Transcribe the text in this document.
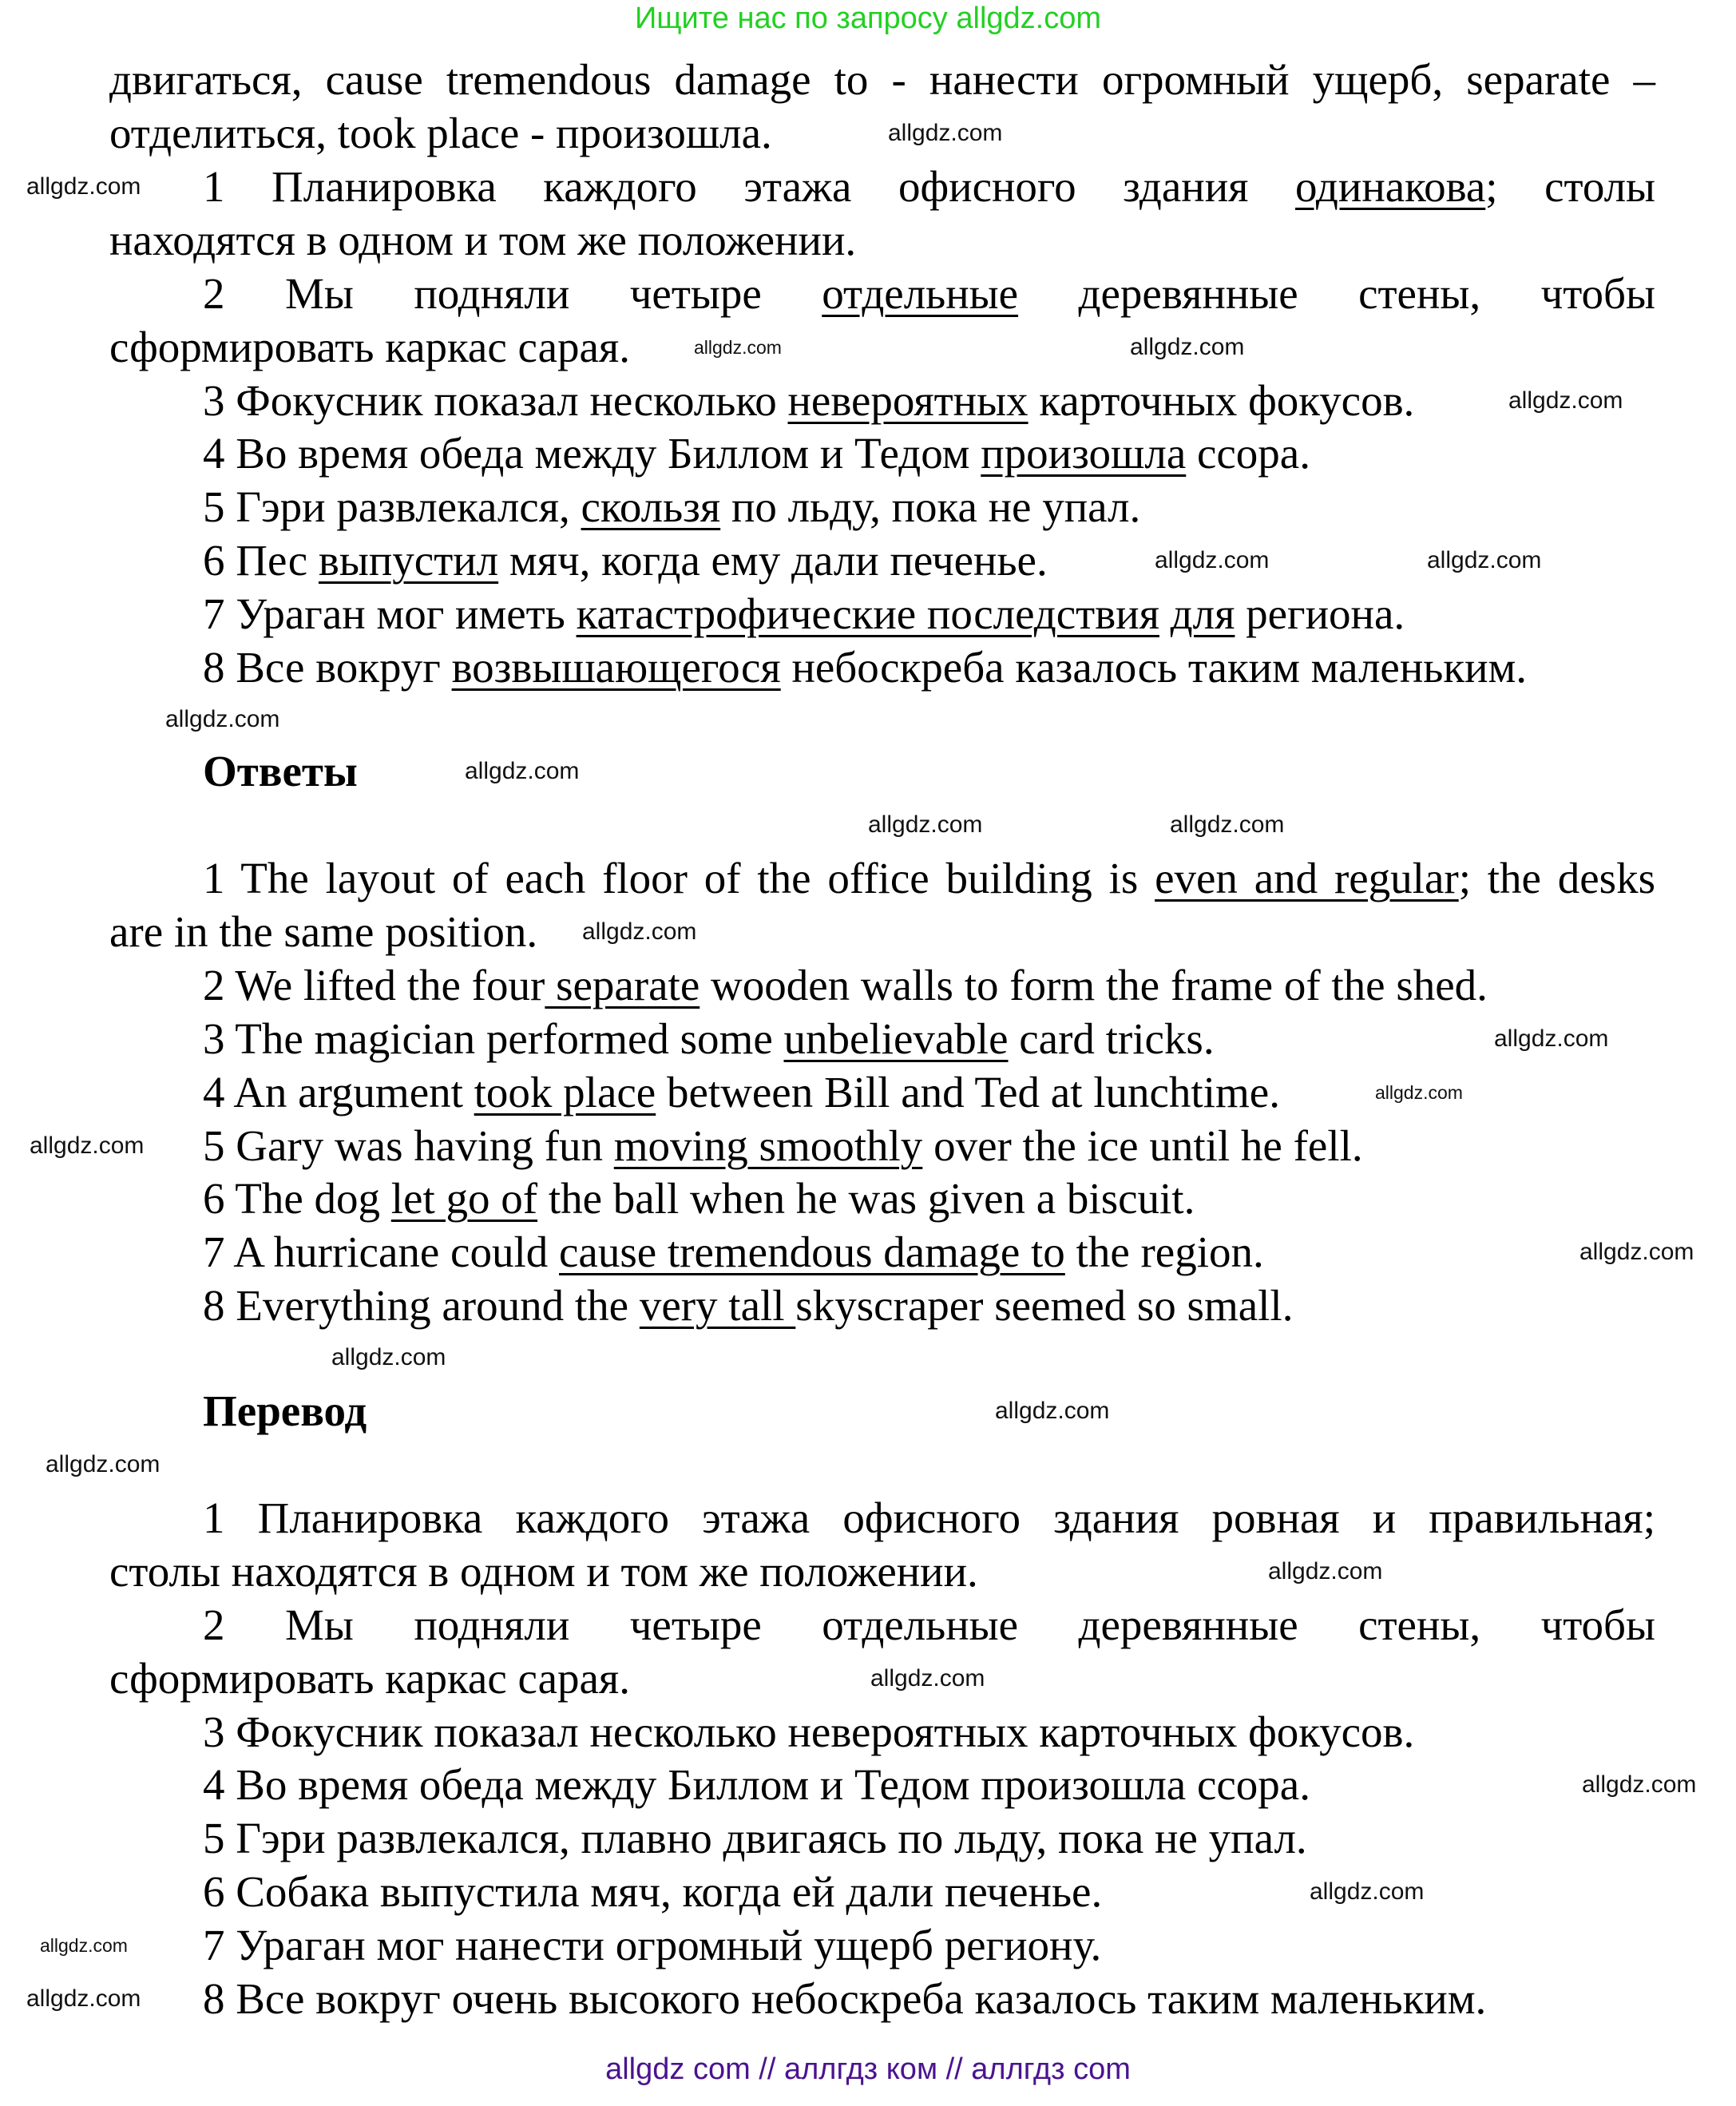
Ищите нас по запросу allgdz.com
двигаться, cause tremendous damage to - нанести огромный ущерб, separate –
отделиться, took place - произошла.
1 Планировка каждого этажа офисного здания одинакова; столы
находятся в одном и том же положении.
2 Мы подняли четыре отдельные деревянные стены, чтобы
сформировать каркас сарая.
3 Фокусник показал несколько невероятных карточных фокусов.
4 Во время обеда между Биллом и Тедом произошла ссора.
5 Гэри развлекался, скользя по льду, пока не упал.
6 Пес выпустил мяч, когда ему дали печенье.
7 Ураган мог иметь катастрофические последствия для региона.
8 Все вокруг возвышающегося небоскреба казалось таким маленьким.
Ответы
1 The layout of each floor of the office building is even and regular; the desks
are in the same position.
2 We lifted the four separate wooden walls to form the frame of the shed.
3 The magician performed some unbelievable card tricks.
4 An argument took place between Bill and Ted at lunchtime.
5 Gary was having fun moving smoothly over the ice until he fell.
6 The dog let go of the ball when he was given a biscuit.
7 A hurricane could cause tremendous damage to the region.
8 Everything around the very tall skyscraper seemed so small.
Перевод
1 Планировка каждого этажа офисного здания ровная и правильная;
столы находятся в одном и том же положении.
2 Мы подняли четыре отдельные деревянные стены, чтобы
сформировать каркас сарая.
3 Фокусник показал несколько невероятных карточных фокусов.
4 Во время обеда между Биллом и Тедом произошла ссора.
5 Гэри развлекался, плавно двигаясь по льду, пока не упал.
6 Собака выпустила мяч, когда ей дали печенье.
7 Ураган мог нанести огромный ущерб региону.
8 Все вокруг очень высокого небоскреба казалось таким маленьким.
allgdz.com
allgdz.com
allgdz.com	allgdz.com
allgdz.com
allgdz.com	allgdz.com
allgdz.com
allgdz.com
allgdz.com	allgdz.com
allgdz.com
allgdz.com
allgdz.com
allgdz.com
allgdz.com
allgdz.com
allgdz.com
allgdz.com
allgdz.com
allgdz.com
allgdz.com
allgdz.com
allgdz.com
allgdz.com
allgdz com // аллгдз ком // аллгдз com
